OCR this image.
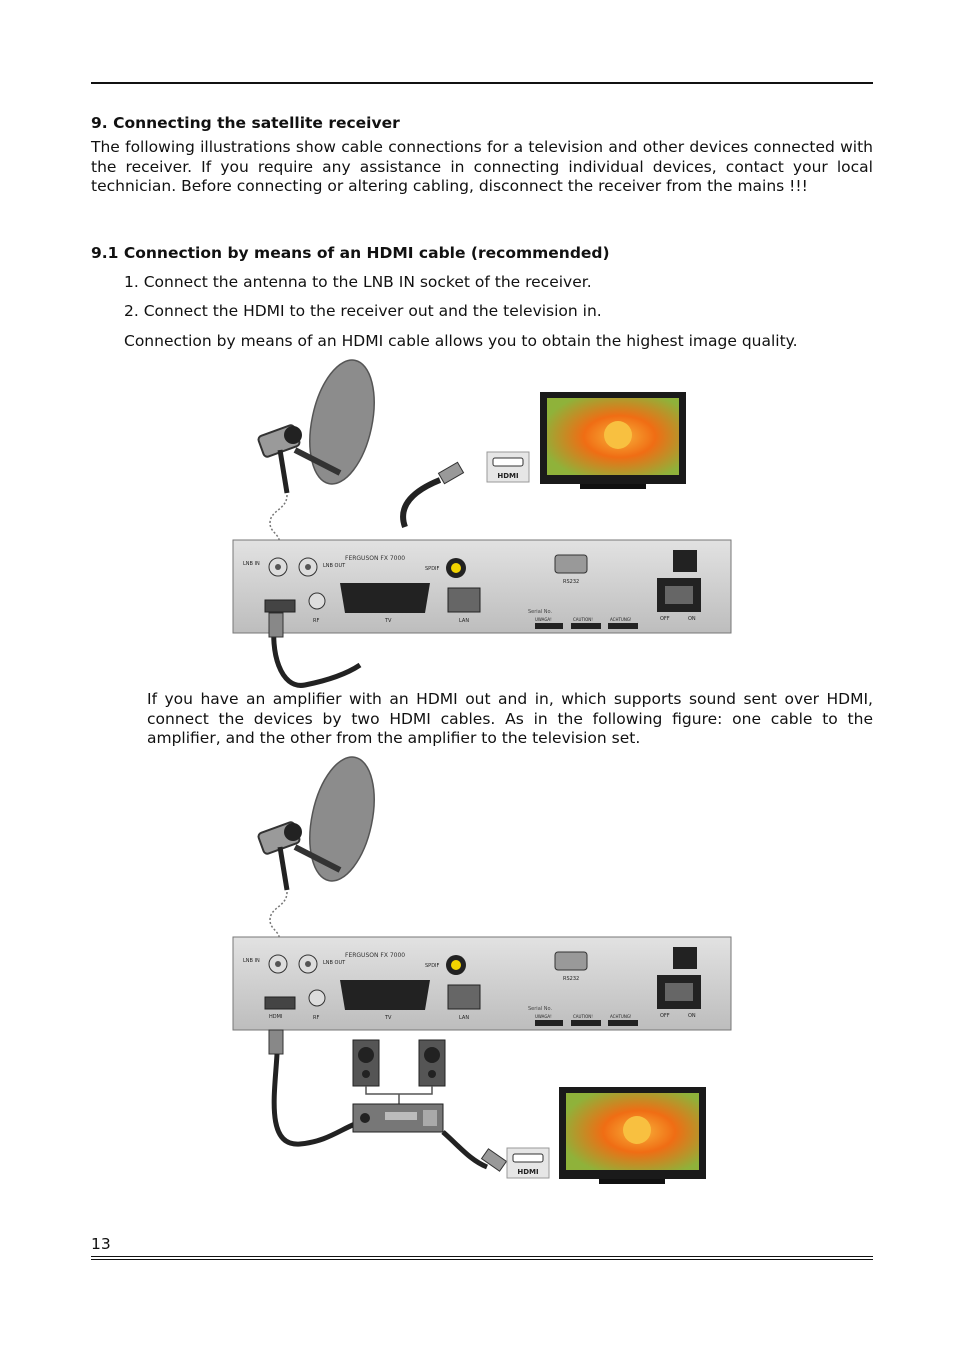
9. Connecting the satellite receiver

The following illustrations show cable connections for a television and other devices connected with the receiver. If you require any assistance in connecting individual devices, contact your local technician. Before connecting or altering cabling, disconnect the receiver from the mains !!!

9.1 Connection by means of an HDMI cable (recommended)

1. Connect the antenna to the LNB IN socket of the receiver.

2. Connect the HDMI to the receiver out and the television in.

Connection by means of an HDMI cable allows you to obtain the highest image quality.

HDMI
LNB IN	LNB OUT
FERGUSON FX 7000
SPDIF
RS232
RF	TV	LAN
Serial No.
UWAGA!	CAUTION!	ACHTUNG!	OFF	ON

If you have an amplifier with an HDMI out and in, which supports sound sent over HDMI, connect the devices by two HDMI cables. As in the following figure: one cable to the amplifier, and the other from the amplifier to the television set.

LNB IN	LNB OUT
FERGUSON FX 7000
SPDIF
RS232
HDMI	RF	TV	LAN
Serial No.
UWAGA!	CAUTION!	ACHTUNG!	OFF	ON
HDMI
13
